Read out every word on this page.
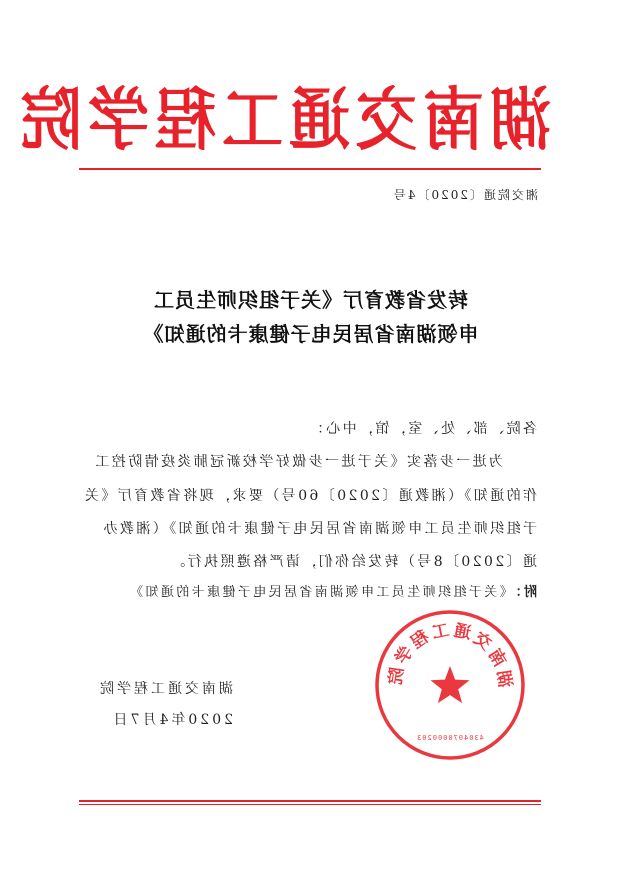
湖南交通工程学院
湘交院通〔2020〕4号
转发省教育厅《关于组织师生员工
申领湖南省居民电子健康卡的通知》
各院、部、处、室，馆，中心：
为进一步落实《关于进一步做好学校新冠肺炎疫情防控工
作的通知》（湘教通〔2020〕60号）要求，现将省教育厅《关
于组织师生员工申领湖南省居民电子健康卡的通知》（湘教办
通〔2020〕8号）转发给你们，请严格遵照执行。
附：《关于组织师生员工申领湖南省居民电子健康卡的通知》
湖南交通工程学院
4304070000203
湖南交通工程学院
2020年4月7日
